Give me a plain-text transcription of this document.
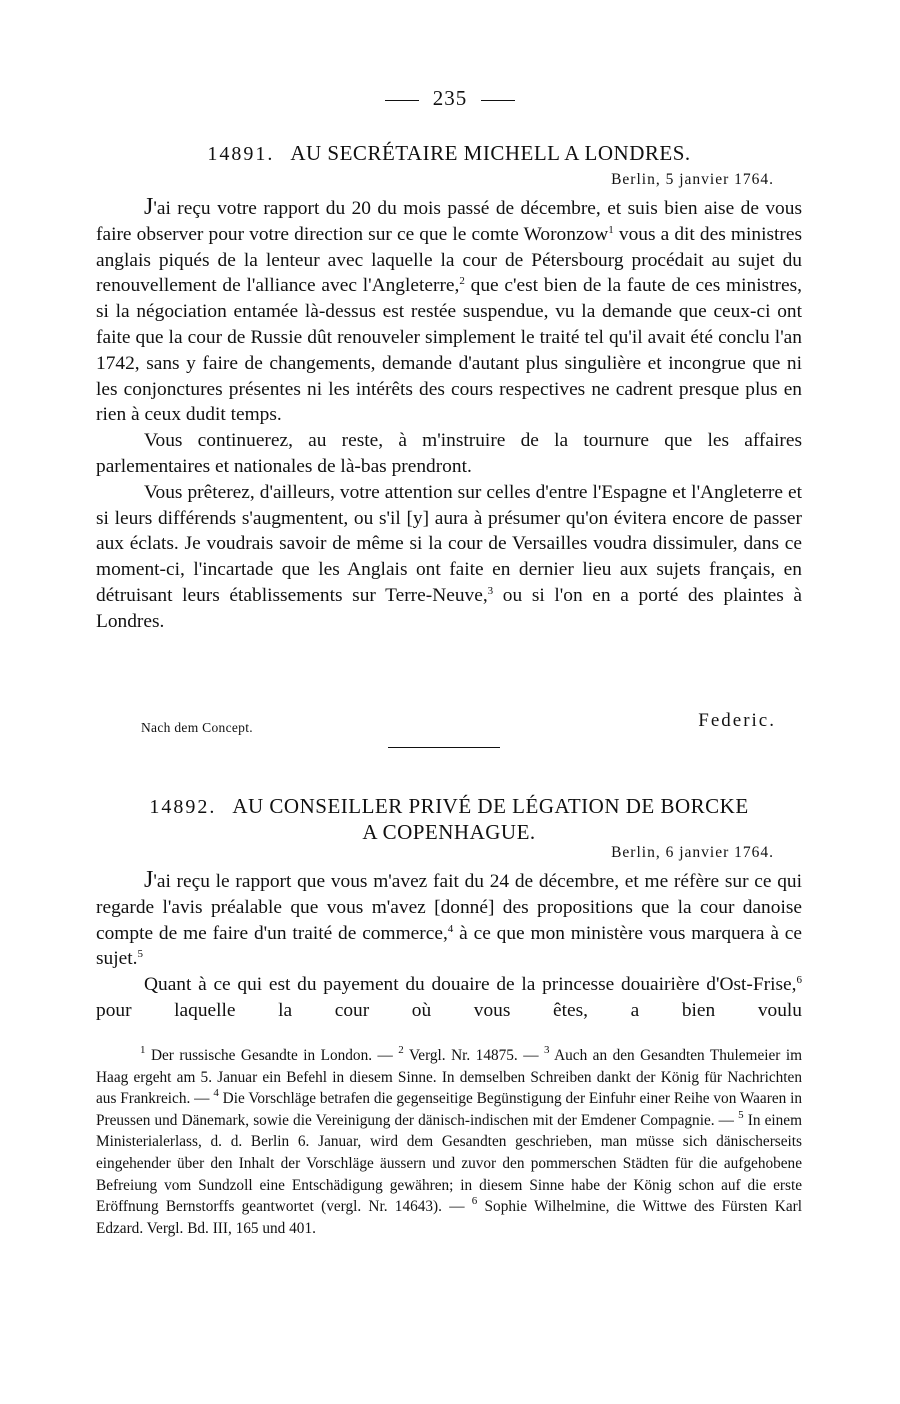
235
14891. AU SECRÉTAIRE MICHELL A LONDRES.
Berlin, 5 janvier 1764.

J'ai reçu votre rapport du 20 du mois passé de décembre, et suis bien aise de vous faire observer pour votre direction sur ce que le comte Woronzow$^1$ vous a dit des ministres anglais piqués de la lenteur avec laquelle la cour de Pétersbourg procédait au sujet du renouvellement de l'alliance avec l'Angleterre,$^2$ que c'est bien de la faute de ces ministres, si la négociation entamée là-dessus est restée suspendue, vu la demande que ceux-ci ont faite que la cour de Russie dût renouveler simplement le traité tel qu'il avait été conclu l'an 1742, sans y faire de changements, demande d'autant plus singulière et incongrue que ni les conjonctures présentes ni les intérêts des cours respectives ne cadrent presque plus en rien à ceux dudit temps.

Vous continuerez, au reste, à m'instruire de la tournure que les affaires parlementaires et nationales de là-bas prendront.

Vous prêterez, d'ailleurs, votre attention sur celles d'entre l'Espagne et l'Angleterre et si leurs différends s'augmentent, ou s'il [y] aura à présumer qu'on évitera encore de passer aux éclats. Je voudrais savoir de même si la cour de Versailles voudra dissimuler, dans ce moment-ci, l'incartade que les Anglais ont faite en dernier lieu aux sujets français, en détruisant leurs établissements sur Terre-Neuve,$^3$ ou si l'on en a porté des plaintes à Londres.

Nach dem Concept.	Federic.
14892. AU CONSEILLER PRIVÉ DE LÉGATION DE BORCKE
A COPENHAGUE.
Berlin, 6 janvier 1764.

J'ai reçu le rapport que vous m'avez fait du 24 de décembre, et me réfère sur ce qui regarde l'avis préalable que vous m'avez [donné] des propositions que la cour danoise compte de me faire d'un traité de commerce,$^4$ à ce que mon ministère vous marquera à ce sujet.$^5$

Quant à ce qui est du payement du douaire de la princesse douairière d'Ost-Frise,$^6$ pour laquelle la cour où vous êtes, a bien voulu

$^1$ Der russische Gesandte in London. — $^2$ Vergl. Nr. 14875. — $^3$ Auch an den Gesandten Thulemeier im Haag ergeht am 5. Januar ein Befehl in diesem Sinne. In demselben Schreiben dankt der König für Nachrichten aus Frankreich. — $^4$ Die Vorschläge betrafen die gegenseitige Begünstigung der Einfuhr einer Reihe von Waaren in Preussen und Dänemark, sowie die Vereinigung der dänisch-indischen mit der Emdener Compagnie. — $^5$ In einem Ministerialerlass, d. d. Berlin 6. Januar, wird dem Gesandten geschrieben, man müsse sich dänischerseits eingehender über den Inhalt der Vorschläge äussern und zuvor den pommerschen Städten für die aufgehobene Befreiung vom Sundzoll eine Entschädigung gewähren; in diesem Sinne habe der König schon auf die erste Eröffnung Bernstorffs geantwortet (vergl. Nr. 14643). — $^6$ Sophie Wilhelmine, die Wittwe des Fürsten Karl Edzard. Vergl. Bd. III, 165 und 401.
